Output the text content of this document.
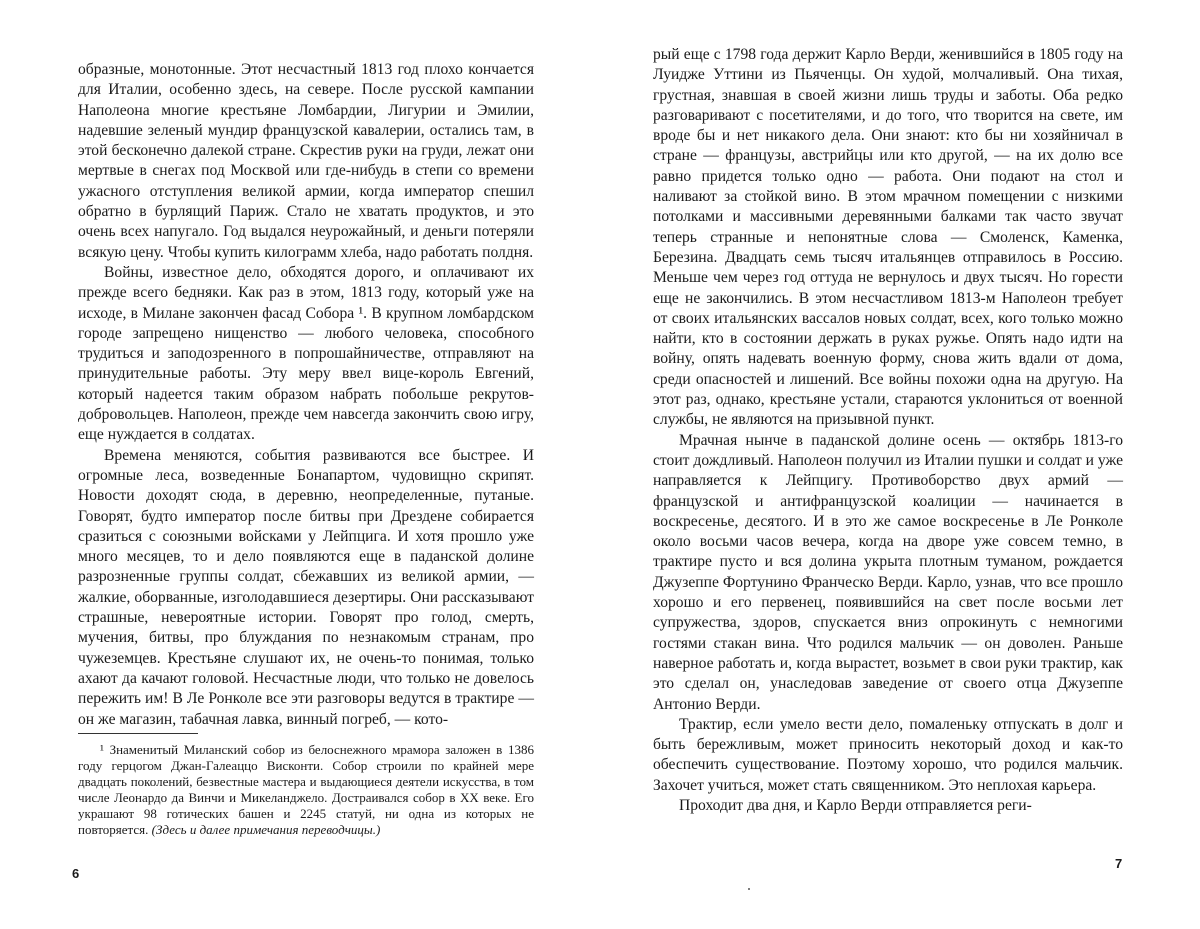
образные, монотонные. Этот несчастный 1813 год плохо кончается для Италии, особенно здесь, на севере. После русской кампании Наполеона многие крестьяне Ломбардии, Лигурии и Эмилии, надевшие зеленый мундир французской кавалерии, остались там, в этой бесконечно далекой стране. Скрестив руки на груди, лежат они мертвые в снегах под Москвой или где-нибудь в степи со времени ужасного отступления великой армии, когда император спешил обратно в бурлящий Париж. Стало не хватать продуктов, и это очень всех напугало. Год выдался неурожайный, и деньги потеряли всякую цену. Чтобы купить килограмм хлеба, надо работать полдня.

Войны, известное дело, обходятся дорого, и оплачивают их прежде всего бедняки. Как раз в этом, 1813 году, который уже на исходе, в Милане закончен фасад Собора ¹. В крупном ломбардском городе запрещено нищенство — любого человека, способного трудиться и заподозренного в попрошайничестве, отправляют на принудительные работы. Эту меру ввел вице-король Евгений, который надеется таким образом набрать побольше рекрутов-добровольцев. Наполеон, прежде чем навсегда закончить свою игру, еще нуждается в солдатах.

Времена меняются, события развиваются все быстрее. И огромные леса, возведенные Бонапартом, чудовищно скрипят. Новости доходят сюда, в деревню, неопределенные, путаные. Говорят, будто император после битвы при Дрездене собирается сразиться с союзными войсками у Лейпцига. И хотя прошло уже много месяцев, то и дело появляются еще в паданской долине разрозненные группы солдат, сбежавших из великой армии, — жалкие, оборванные, изголодавшиеся дезертиры. Они рассказывают страшные, невероятные истории. Говорят про голод, смерть, мучения, битвы, про блуждания по незнакомым странам, про чужеземцев. Крестьяне слушают их, не очень-то понимая, только ахают да качают головой. Несчастные люди, что только не довелось пережить им! В Ле Ронколе все эти разговоры ведутся в трактире — он же магазин, табачная лавка, винный погреб, — кото-

¹ Знаменитый Миланский собор из белоснежного мрамора заложен в 1386 году герцогом Джан-Галеаццо Висконти. Собор строили по крайней мере двадцать поколений, безвестные мастера и выдающиеся деятели искусства, в том числе Леонардо да Винчи и Микеланджело. Достраивался собор в XX веке. Его украшают 98 готических башен и 2245 статуй, ни одна из которых не повторяется. (Здесь и далее примечания переводчицы.)

6

рый еще с 1798 года держит Карло Верди, женившийся в 1805 году на Луидже Уттини из Пьяченцы. Он худой, молчаливый. Она тихая, грустная, знавшая в своей жизни лишь труды и заботы. Оба редко разговаривают с посетителями, и до того, что творится на свете, им вроде бы и нет никакого дела. Они знают: кто бы ни хозяйничал в стране — французы, австрийцы или кто другой, — на их долю все равно придется только одно — работа. Они подают на стол и наливают за стойкой вино. В этом мрачном помещении с низкими потолками и массивными деревянными балками так часто звучат теперь странные и непонятные слова — Смоленск, Каменка, Березина. Двадцать семь тысяч итальянцев отправилось в Россию. Меньше чем через год оттуда не вернулось и двух тысяч. Но горести еще не закончились. В этом несчастливом 1813-м Наполеон требует от своих итальянских вассалов новых солдат, всех, кого только можно найти, кто в состоянии держать в руках ружье. Опять надо идти на войну, опять надевать военную форму, снова жить вдали от дома, среди опасностей и лишений. Все войны похожи одна на другую. На этот раз, однако, крестьяне устали, стараются уклониться от военной службы, не являются на призывной пункт.

Мрачная нынче в паданской долине осень — октябрь 1813-го стоит дождливый. Наполеон получил из Италии пушки и солдат и уже направляется к Лейпцигу. Противоборство двух армий — французской и антифранцузской коалиции — начинается в воскресенье, десятого. И в это же самое воскресенье в Ле Ронколе около восьми часов вечера, когда на дворе уже совсем темно, в трактире пусто и вся долина укрыта плотным туманом, рождается Джузеппе Фортунино Франческо Верди. Карло, узнав, что все прошло хорошо и его первенец, появившийся на свет после восьми лет супружества, здоров, спускается вниз опрокинуть с немногими гостями стакан вина. Что родился мальчик — он доволен. Раньше наверное работать и, когда вырастет, возьмет в свои руки трактир, как это сделал он, унаследовав заведение от своего отца Джузеппе Антонио Верди.

Трактир, если умело вести дело, помаленьку отпускать в долг и быть бережливым, может приносить некоторый доход и как-то обеспечить существование. Поэтому хорошо, что родился мальчик. Захочет учиться, может стать священником. Это неплохая карьера.

Проходит два дня, и Карло Верди отправляется реги-

7
